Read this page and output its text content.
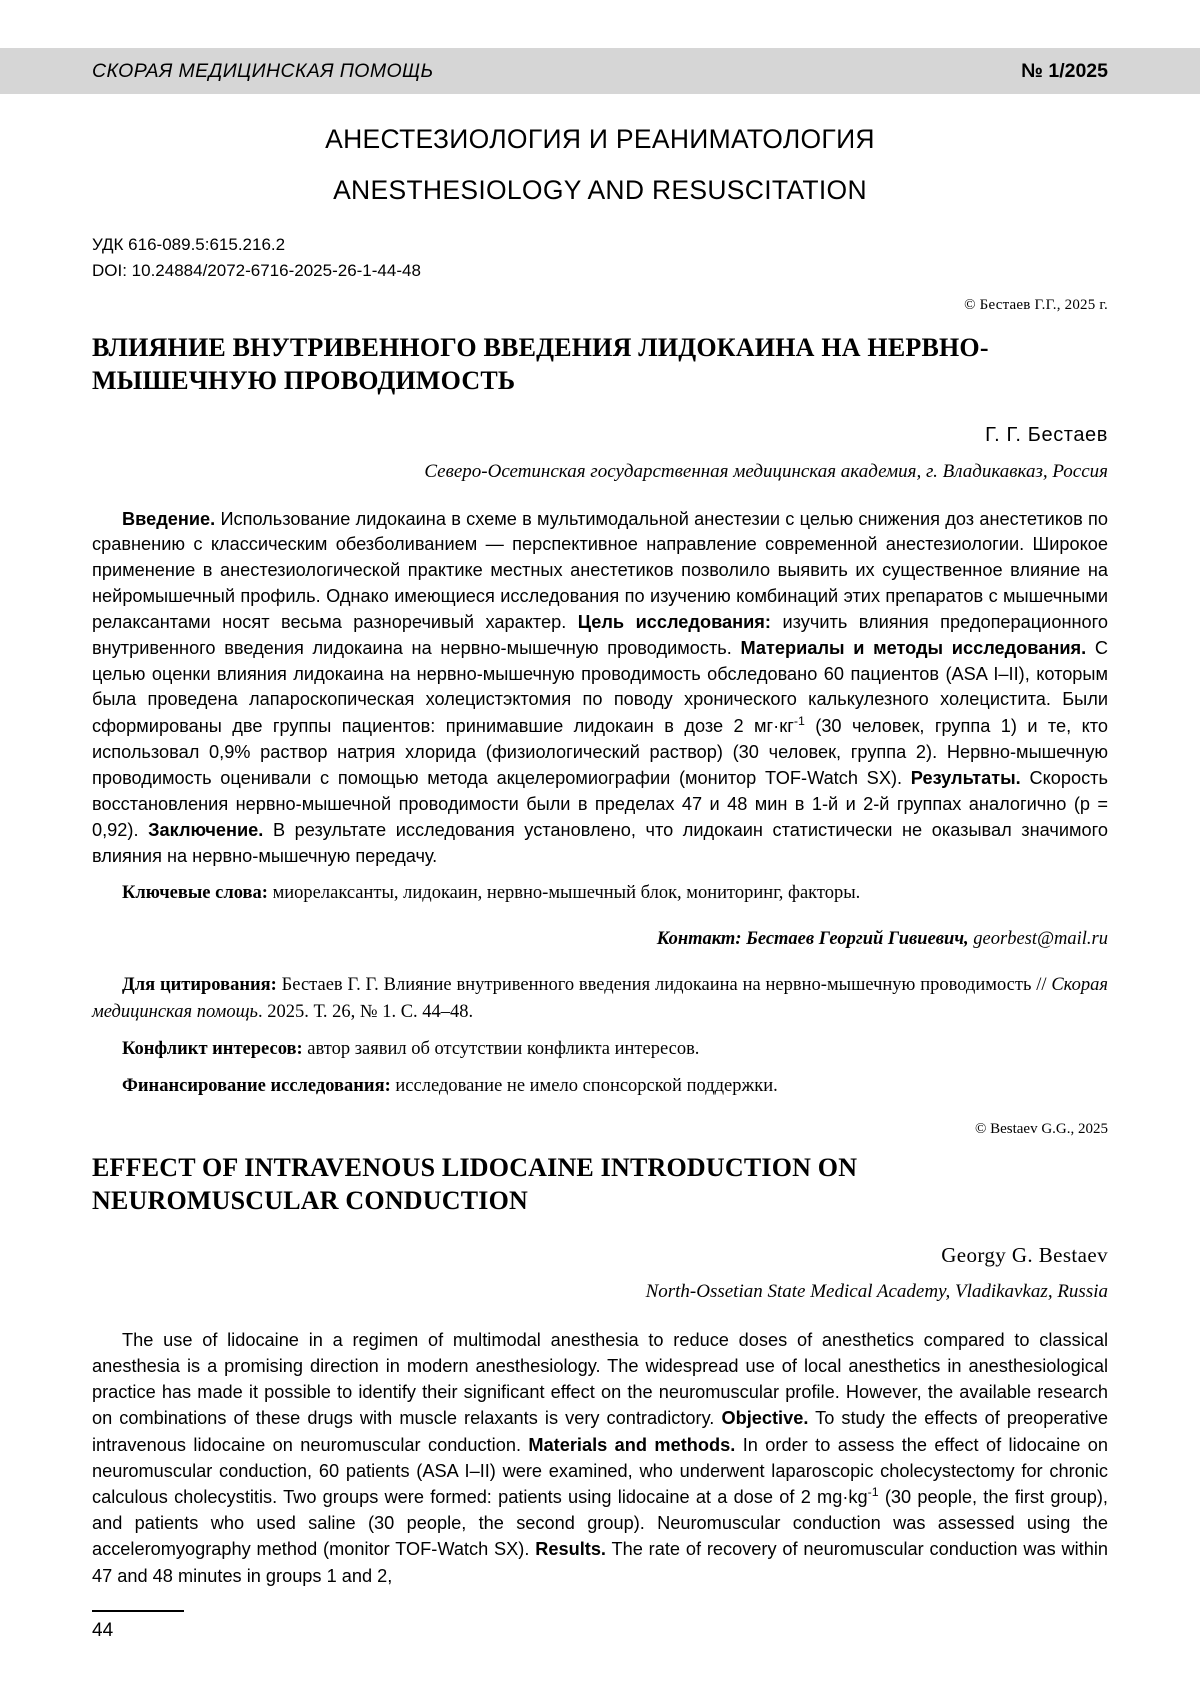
СКОРАЯ МЕДИЦИНСКАЯ ПОМОЩЬ	№ 1/2025
АНЕСТЕЗИОЛОГИЯ И РЕАНИМАТОЛОГИЯ
ANESTHESIOLOGY AND RESUSCITATION
УДК 616-089.5:615.216.2
DOI: 10.24884/2072-6716-2025-26-1-44-48
© Бестаев Г.Г., 2025 г.
ВЛИЯНИЕ ВНУТРИВЕННОГО ВВЕДЕНИЯ ЛИДОКАИНА НА НЕРВНО-МЫШЕЧНУЮ ПРОВОДИМОСТЬ
Г. Г. Бестаев
Северо-Осетинская государственная медицинская академия, г. Владикавказ, Россия
Введение. Использование лидокаина в схеме в мультимодальной анестезии с целью снижения доз анестетиков по сравнению с классическим обезболиванием — перспективное направление современной анестезиологии. Широкое применение в анестезиологической практике местных анестетиков позволило выявить их существенное влияние на нейромышечный профиль. Однако имеющиеся исследования по изучению комбинаций этих препаратов с мышечными релаксантами носят весьма разноречивый характер. Цель исследования: изучить влияния предоперационного внутривенного введения лидокаина на нервно-мышечную проводимость. Материалы и методы исследования. С целью оценки влияния лидокаина на нервно-мышечную проводимость обследовано 60 пациентов (ASA I–II), которым была проведена лапароскопическая холецистэктомия по поводу хронического калькулезного холецистита. Были сформированы две группы пациентов: принимавшие лидокаин в дозе 2 $мг\cdot кг^{-1}$ (30 человек, группа 1) и те, кто использовал 0,9% раствор натрия хлорида (физиологический раствор) (30 человек, группа 2). Нервно-мышечную проводимость оценивали с помощью метода акцелеромиографии (монитор TOF-Watch SX). Результаты. Скорость восстановления нервно-мышечной проводимости были в пределах 47 и 48 мин в 1-й и 2-й группах аналогично (p = 0,92). Заключение. В результате исследования установлено, что лидокаин статистически не оказывал значимого влияния на нервно-мышечную передачу.
Ключевые слова: миорелаксанты, лидокаин, нервно-мышечный блок, мониторинг, факторы.
Контакт: Бестаев Георгий Гивиевич, georbest@mail.ru
Для цитирования: Бестаев Г. Г. Влияние внутривенного введения лидокаина на нервно-мышечную проводимость // Скорая медицинская помощь. 2025. Т. 26, № 1. С. 44–48.
Конфликт интересов: автор заявил об отсутствии конфликта интересов.
Финансирование исследования: исследование не имело спонсорской поддержки.
© Bestaev G.G., 2025
EFFECT OF INTRAVENOUS LIDOCAINE INTRODUCTION ON NEUROMUSCULAR CONDUCTION
Georgy G. Bestaev
North-Ossetian State Medical Academy, Vladikavkaz, Russia
The use of lidocaine in a regimen of multimodal anesthesia to reduce doses of anesthetics compared to classical anesthesia is a promising direction in modern anesthesiology. The widespread use of local anesthetics in anesthesiological practice has made it possible to identify their significant effect on the neuromuscular profile. However, the available research on combinations of these drugs with muscle relaxants is very contradictory. Objective. To study the effects of preoperative intravenous lidocaine on neuromuscular conduction. Materials and methods. In order to assess the effect of lidocaine on neuromuscular conduction, 60 patients (ASA I–II) were examined, who underwent laparoscopic cholecystectomy for chronic calculous cholecystitis. Two groups were formed: patients using lidocaine at a dose of 2 $mg\cdot kg^{-1}$ (30 people, the first group), and patients who used saline (30 people, the second group). Neuromuscular conduction was assessed using the acceleromyography method (monitor TOF-Watch SX). Results. The rate of recovery of neuromuscular conduction was within 47 and 48 minutes in groups 1 and 2,
44
